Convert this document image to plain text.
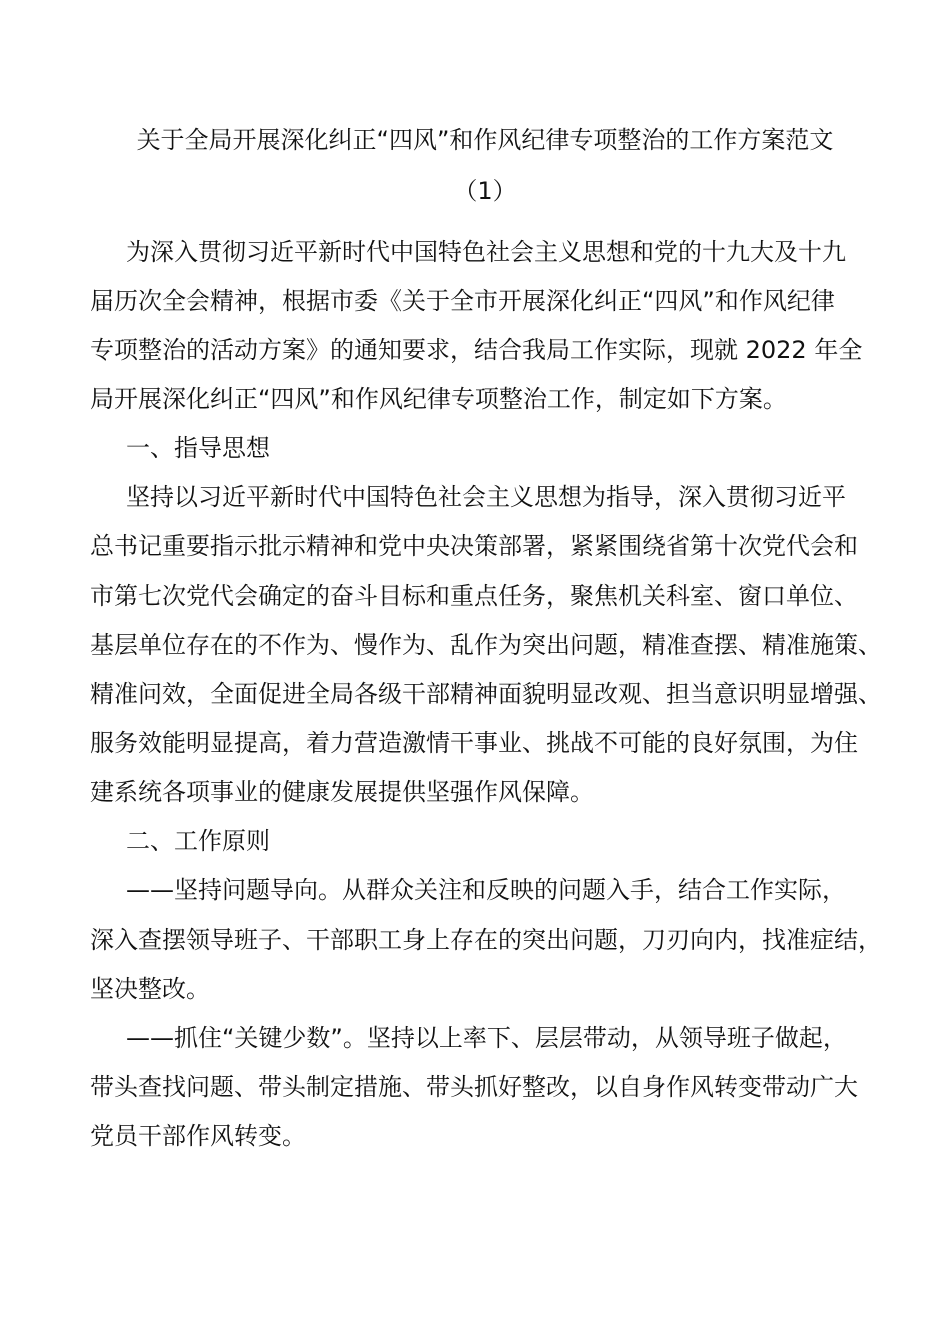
关于全局开展深化纠正“四风”和作风纪律专项整治的工作方案范文
（1）

为深入贯彻习近平新时代中国特色社会主义思想和党的十九大及十九

届历次全会精神，根据市委《关于全市开展深化纠正“四风”和作风纪律

专项整治的活动方案》的通知要求，结合我局工作实际，现就 2022 年全

局开展深化纠正“四风”和作风纪律专项整治工作，制定如下方案。

一、指导思想

坚持以习近平新时代中国特色社会主义思想为指导，深入贯彻习近平

总书记重要指示批示精神和党中央决策部署，紧紧围绕省第十次党代会和

市第七次党代会确定的奋斗目标和重点任务，聚焦机关科室、窗口单位、

基层单位存在的不作为、慢作为、乱作为突出问题，精准查摆、精准施策、

精准问效，全面促进全局各级干部精神面貌明显改观、担当意识明显增强、

服务效能明显提高，着力营造激情干事业、挑战不可能的良好氛围，为住

建系统各项事业的健康发展提供坚强作风保障。

二、工作原则

——坚持问题导向。从群众关注和反映的问题入手，结合工作实际，

深入查摆领导班子、干部职工身上存在的突出问题，刀刃向内，找准症结，

坚决整改。

——抓住“关键少数”。坚持以上率下、层层带动，从领导班子做起，

带头查找问题、带头制定措施、带头抓好整改，以自身作风转变带动广大

党员干部作风转变。
